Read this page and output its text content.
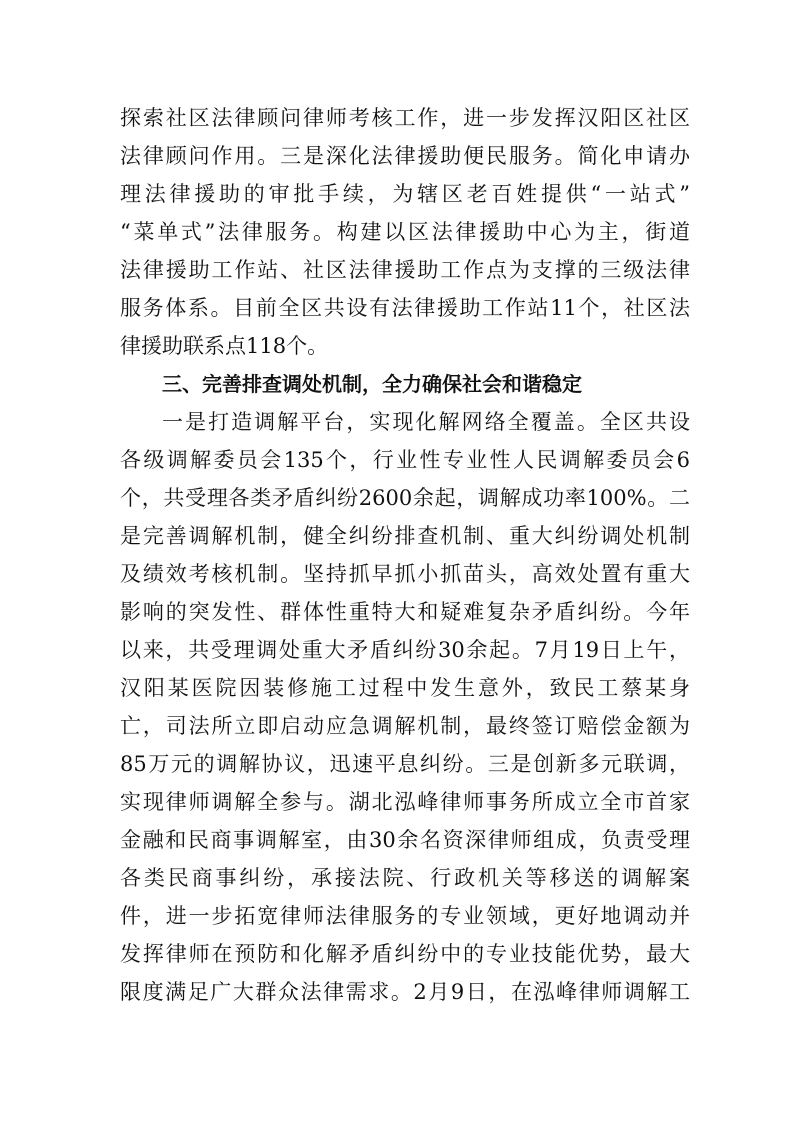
探索社区法律顾问律师考核工作，进一步发挥汉阳区社区
法律顾问作用。三是深化法律援助便民服务。简化申请办
理法律援助的审批手续，为辖区老百姓提供“一站式”
“菜单式”法律服务。构建以区法律援助中心为主，街道
法律援助工作站、社区法律援助工作点为支撑的三级法律
服务体系。目前全区共设有法律援助工作站11个，社区法
律援助联系点118个。
三、完善排查调处机制，全力确保社会和谐稳定
一是打造调解平台，实现化解网络全覆盖。全区共设
各级调解委员会135个，行业性专业性人民调解委员会6
个，共受理各类矛盾纠纷2600余起，调解成功率100%。二
是完善调解机制，健全纠纷排查机制、重大纠纷调处机制
及绩效考核机制。坚持抓早抓小抓苗头，高效处置有重大
影响的突发性、群体性重特大和疑难复杂矛盾纠纷。今年
以来，共受理调处重大矛盾纠纷30余起。7月19日上午，
汉阳某医院因装修施工过程中发生意外，致民工蔡某身
亡，司法所立即启动应急调解机制，最终签订赔偿金额为
85万元的调解协议，迅速平息纠纷。三是创新多元联调，
实现律师调解全参与。湖北泓峰律师事务所成立全市首家
金融和民商事调解室，由30余名资深律师组成，负责受理
各类民商事纠纷，承接法院、行政机关等移送的调解案
件，进一步拓宽律师法律服务的专业领域，更好地调动并
发挥律师在预防和化解矛盾纠纷中的专业技能优势，最大
限度满足广大群众法律需求。2月9日，在泓峰律师调解工
